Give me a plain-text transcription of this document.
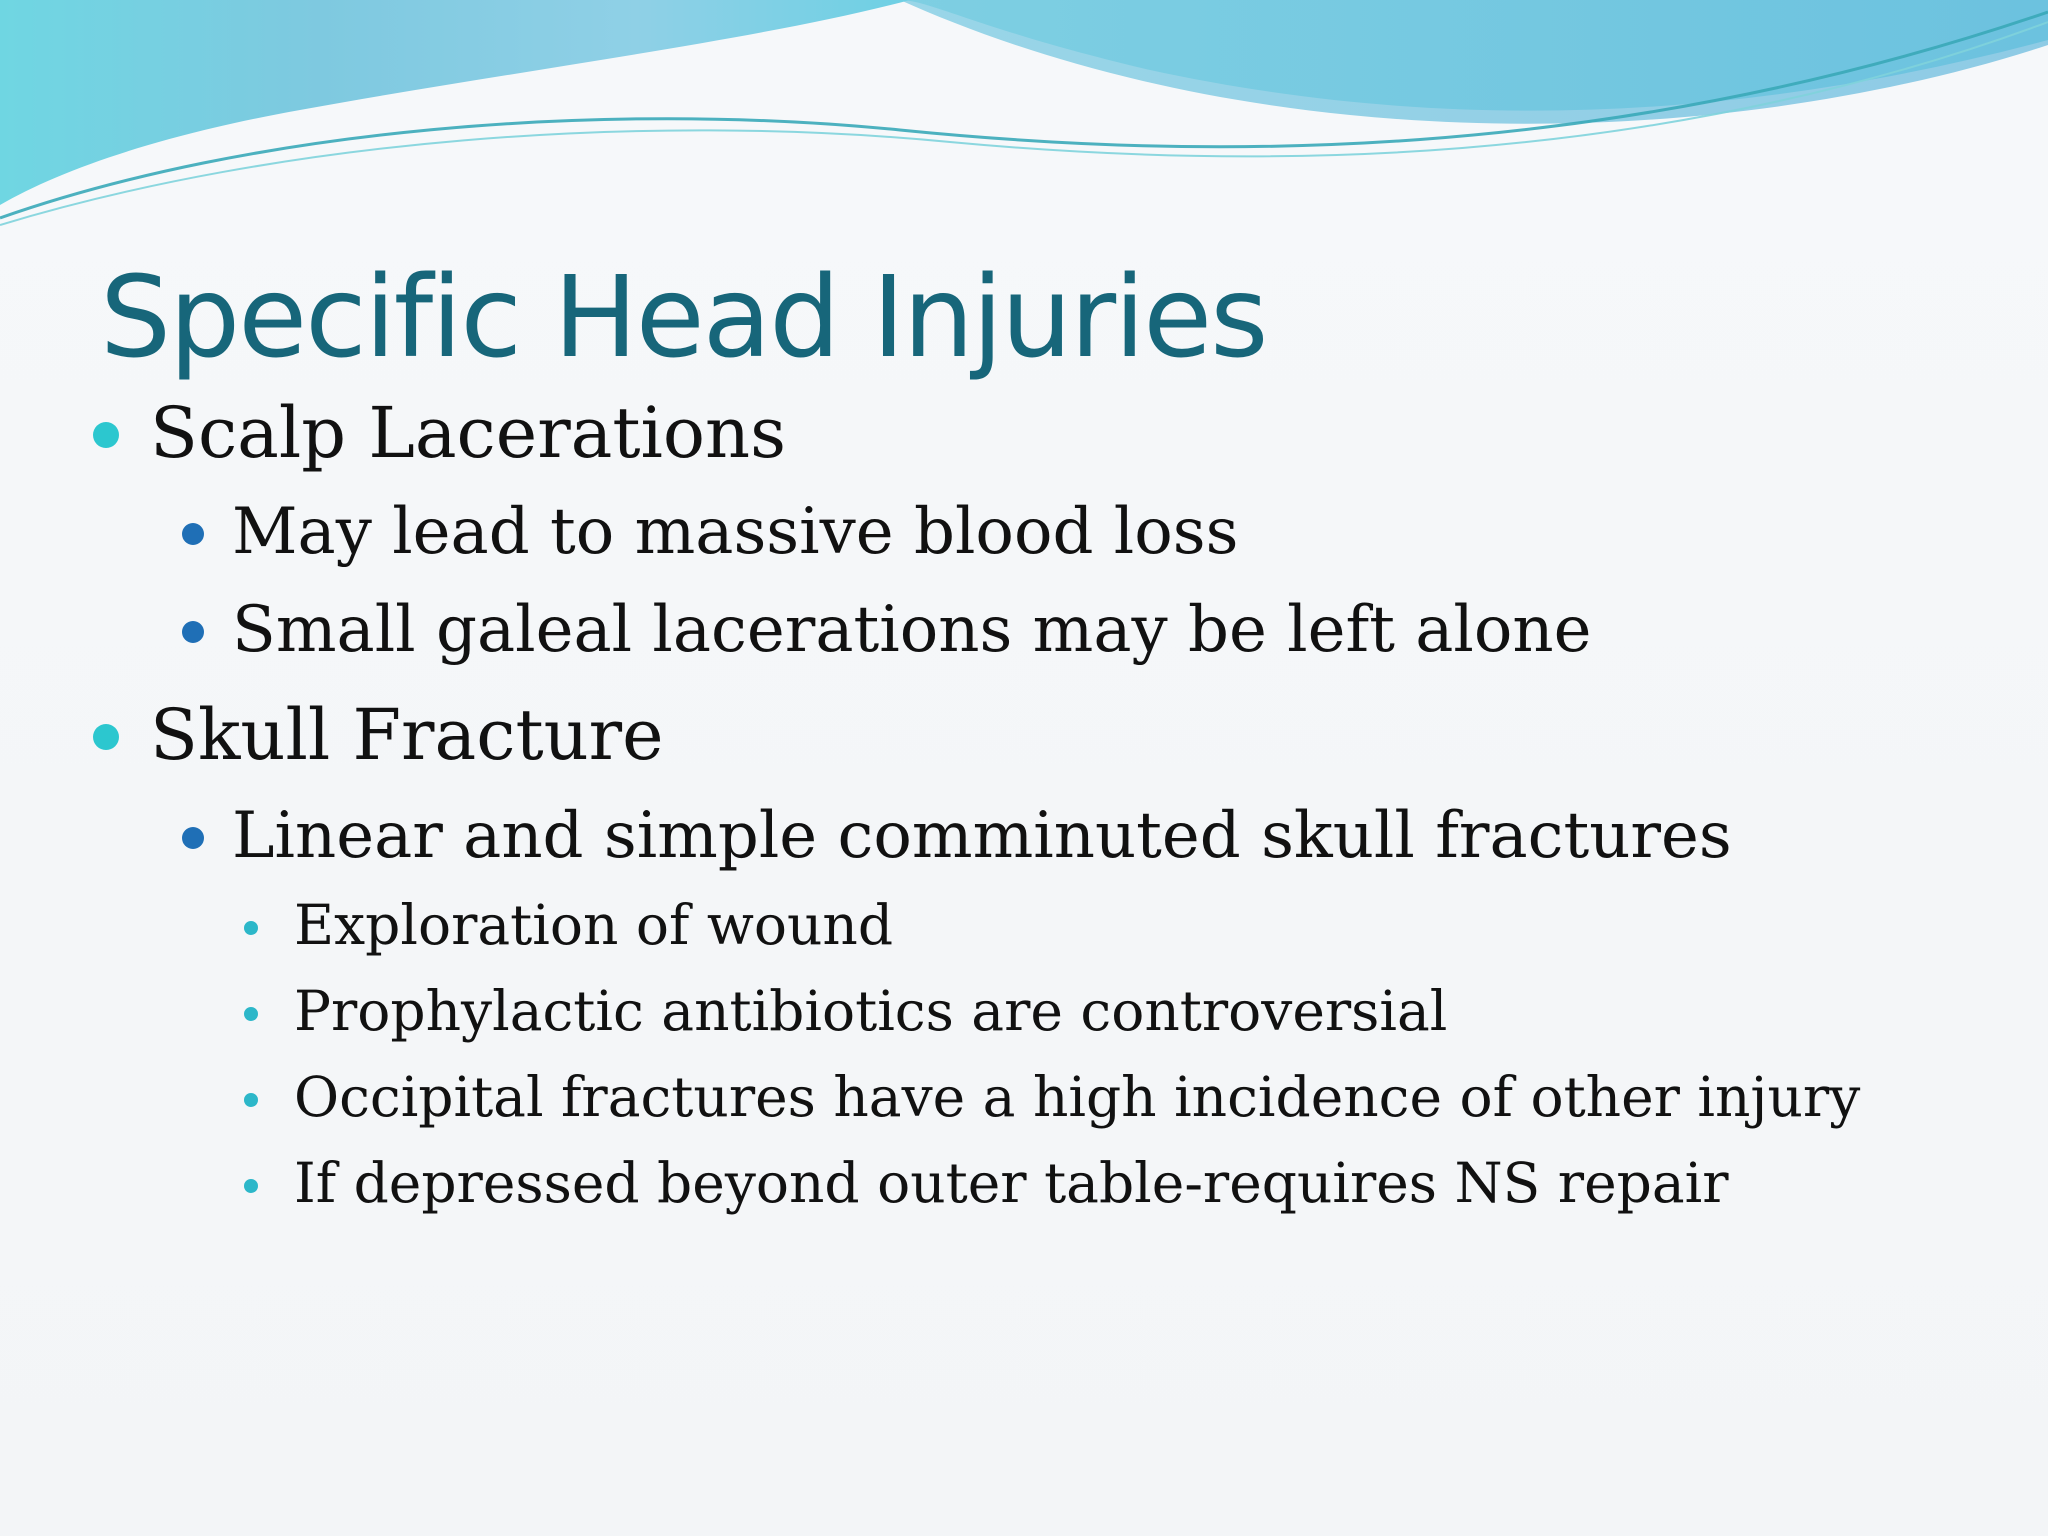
Specific Head Injuries
Scalp Lacerations
May lead to massive blood loss
Small galeal lacerations may be left alone
Skull Fracture
Linear and simple comminuted skull fractures
Exploration of wound
Prophylactic antibiotics are controversial
Occipital fractures have a high incidence of other injury
If depressed beyond outer table-requires NS repair
